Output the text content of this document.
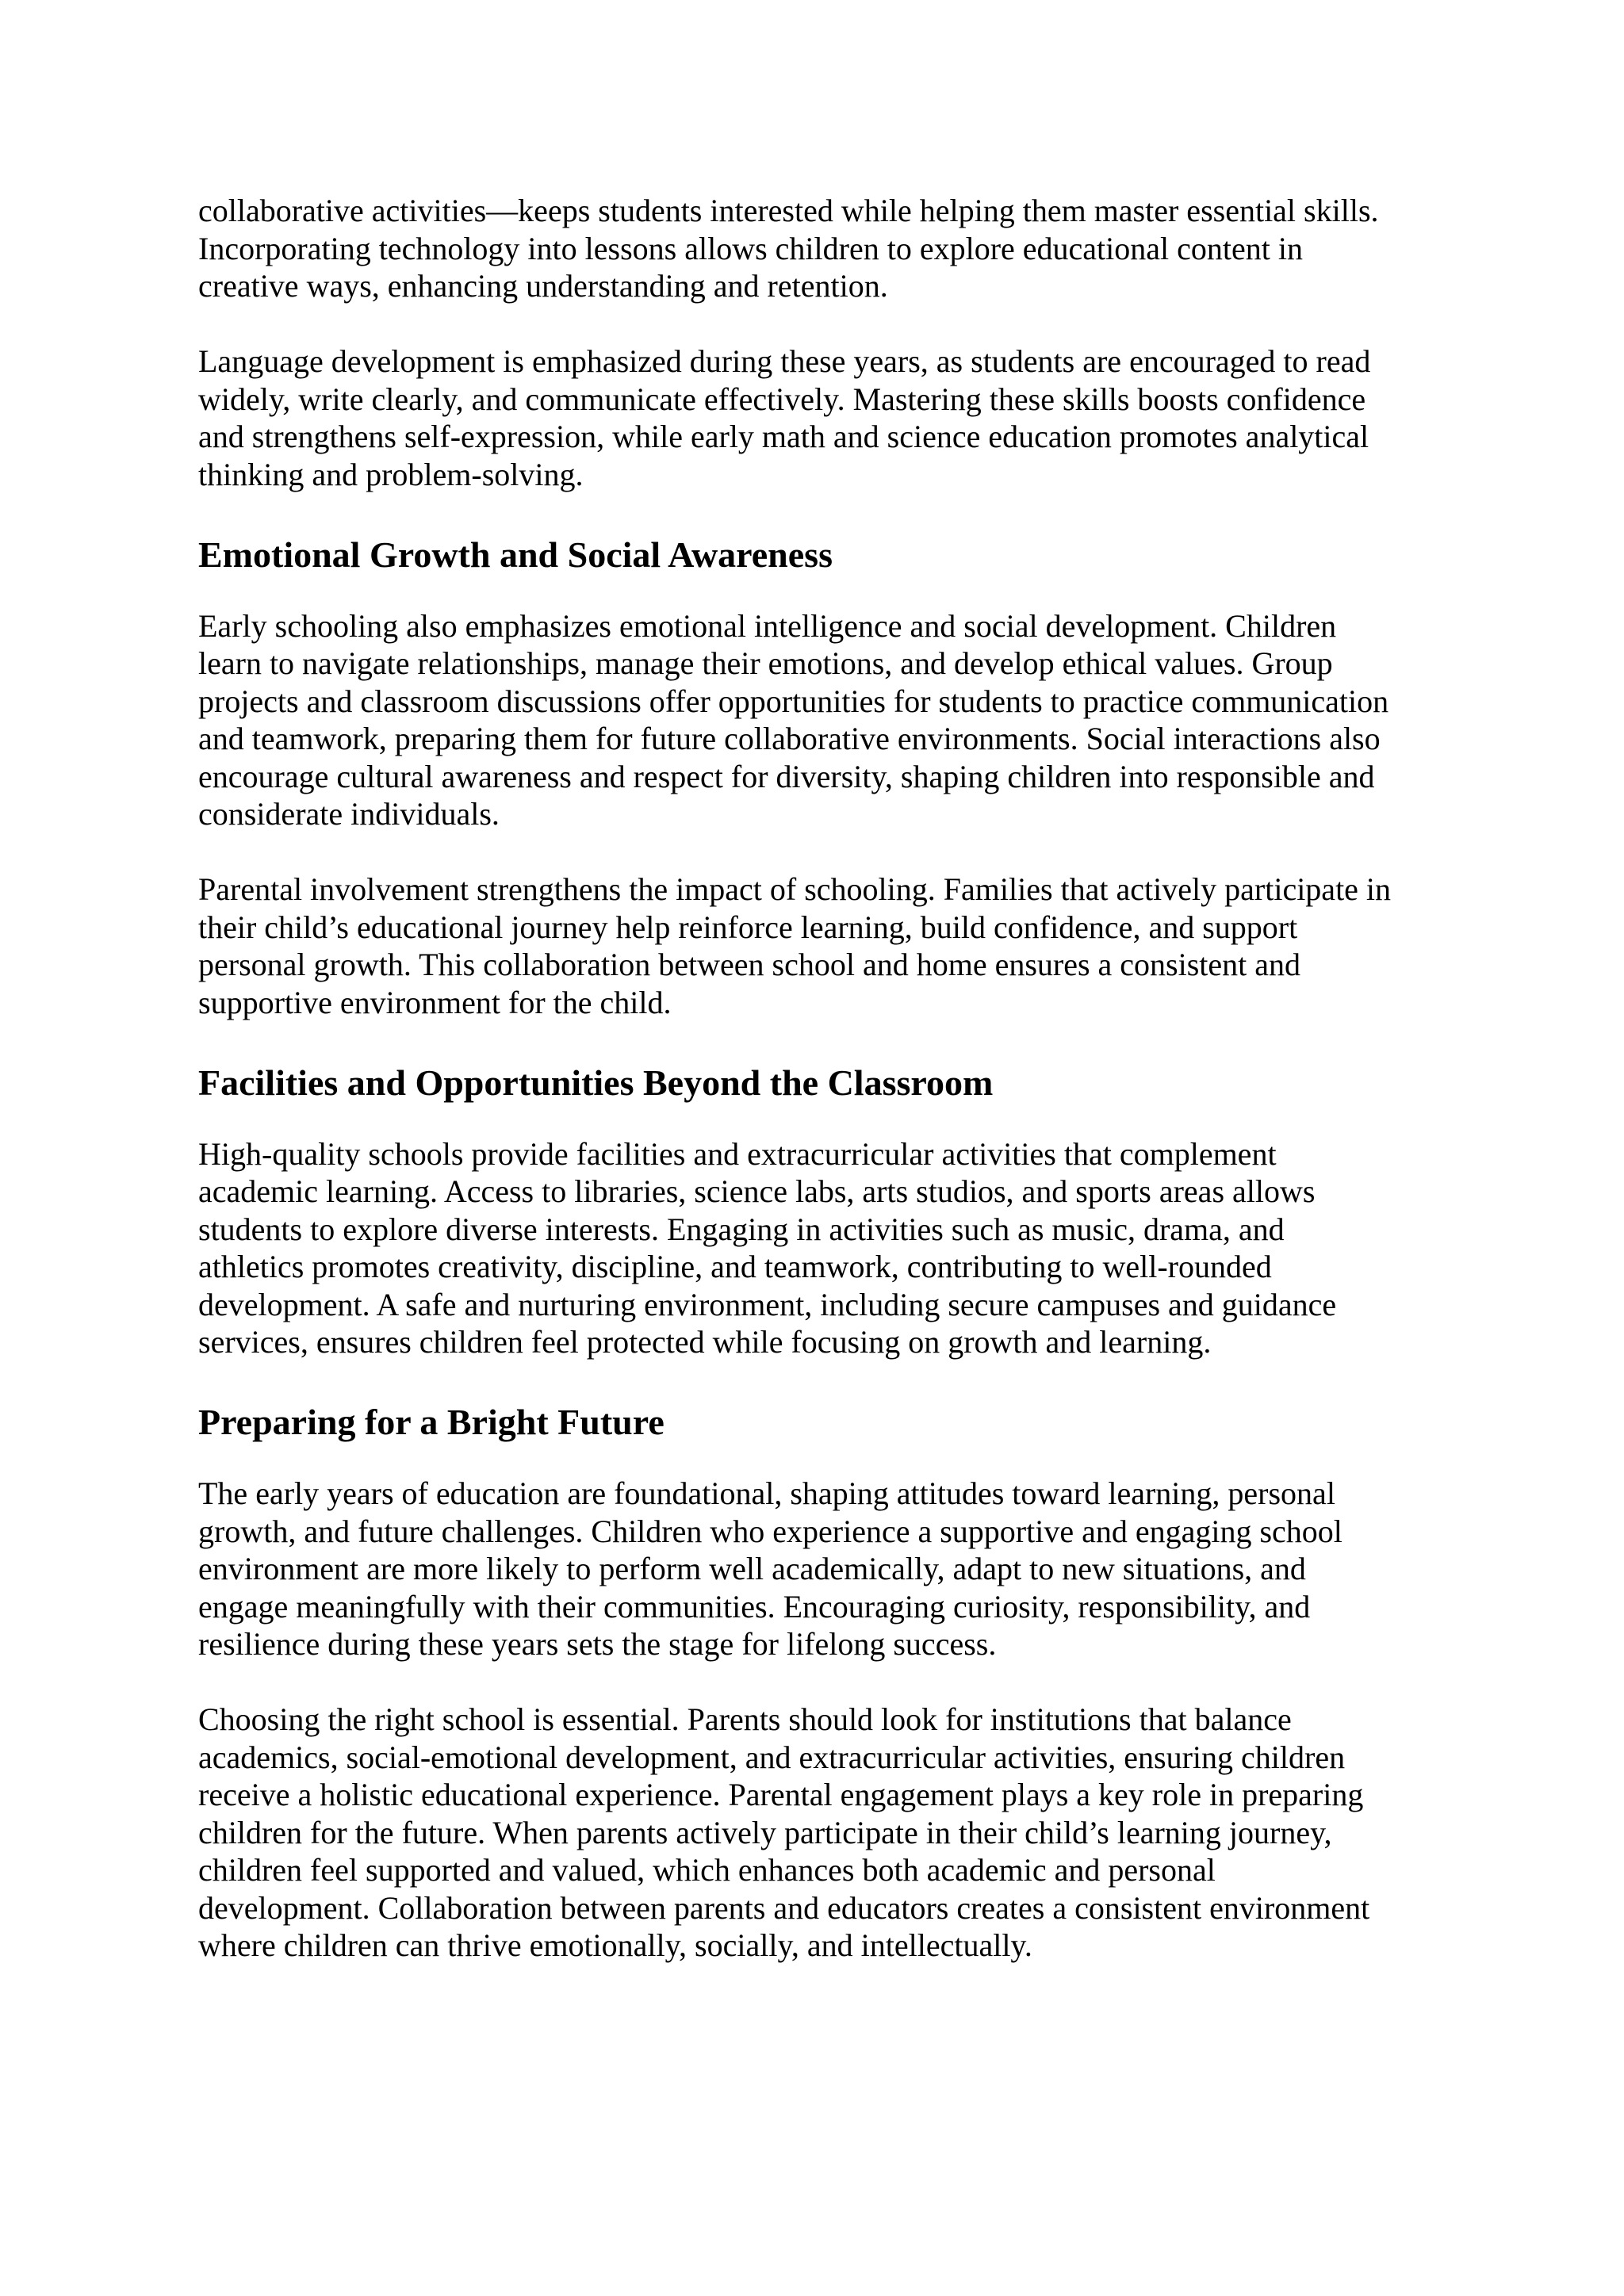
collaborative activities—keeps students interested while helping them master essential skills.
Incorporating technology into lessons allows children to explore educational content in
creative ways, enhancing understanding and retention.

Language development is emphasized during these years, as students are encouraged to read
widely, write clearly, and communicate effectively. Mastering these skills boosts confidence
and strengthens self-expression, while early math and science education promotes analytical
thinking and problem-solving.

Emotional Growth and Social Awareness

Early schooling also emphasizes emotional intelligence and social development. Children
learn to navigate relationships, manage their emotions, and develop ethical values. Group
projects and classroom discussions offer opportunities for students to practice communication
and teamwork, preparing them for future collaborative environments. Social interactions also
encourage cultural awareness and respect for diversity, shaping children into responsible and
considerate individuals.

Parental involvement strengthens the impact of schooling. Families that actively participate in
their child’s educational journey help reinforce learning, build confidence, and support
personal growth. This collaboration between school and home ensures a consistent and
supportive environment for the child.

Facilities and Opportunities Beyond the Classroom

High-quality schools provide facilities and extracurricular activities that complement
academic learning. Access to libraries, science labs, arts studios, and sports areas allows
students to explore diverse interests. Engaging in activities such as music, drama, and
athletics promotes creativity, discipline, and teamwork, contributing to well-rounded
development. A safe and nurturing environment, including secure campuses and guidance
services, ensures children feel protected while focusing on growth and learning.

Preparing for a Bright Future

The early years of education are foundational, shaping attitudes toward learning, personal
growth, and future challenges. Children who experience a supportive and engaging school
environment are more likely to perform well academically, adapt to new situations, and
engage meaningfully with their communities. Encouraging curiosity, responsibility, and
resilience during these years sets the stage for lifelong success.

Choosing the right school is essential. Parents should look for institutions that balance
academics, social-emotional development, and extracurricular activities, ensuring children
receive a holistic educational experience. Parental engagement plays a key role in preparing
children for the future. When parents actively participate in their child’s learning journey,
children feel supported and valued, which enhances both academic and personal
development. Collaboration between parents and educators creates a consistent environment
where children can thrive emotionally, socially, and intellectually.
